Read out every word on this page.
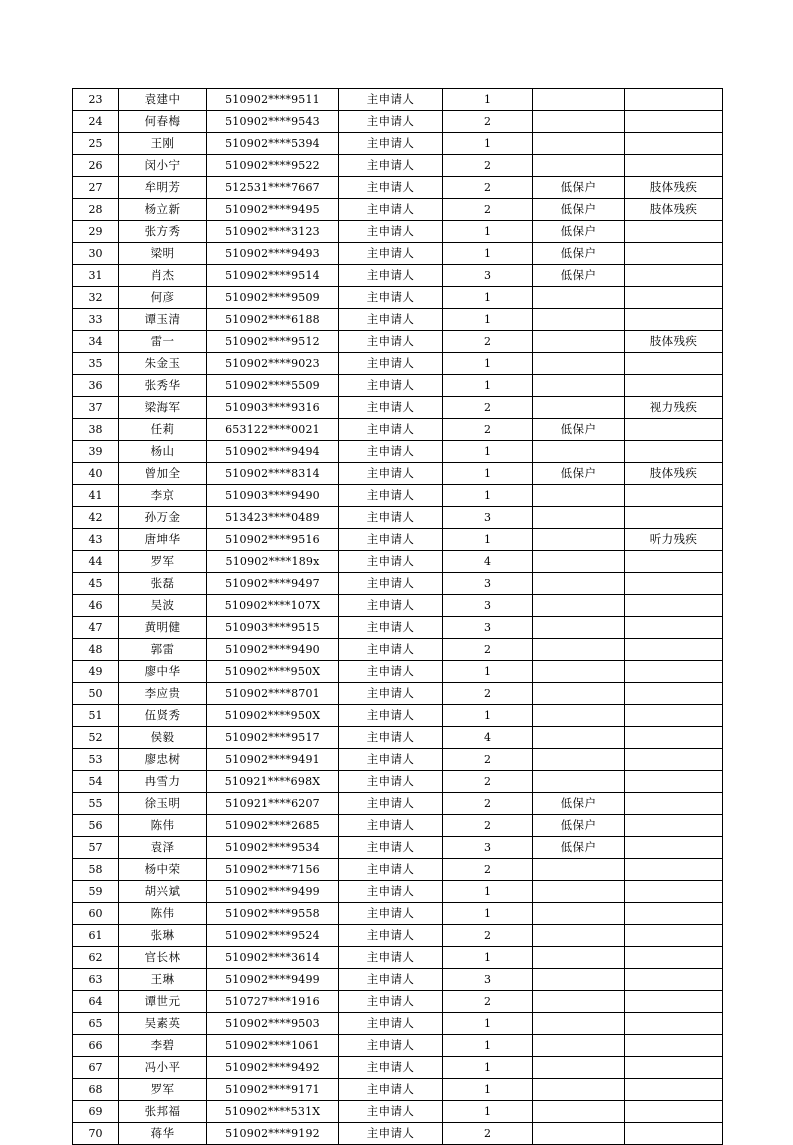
23	袁建中	510902****9511	主申请人	1		
24	何春梅	510902****9543	主申请人	2		
25	王刚	510902****5394	主申请人	1		
26	闵小宁	510902****9522	主申请人	2		
27	牟明芳	512531****7667	主申请人	2	低保户	肢体残疾
28	杨立新	510902****9495	主申请人	2	低保户	肢体残疾
29	张方秀	510902****3123	主申请人	1	低保户	
30	梁明	510902****9493	主申请人	1	低保户	
31	肖杰	510902****9514	主申请人	3	低保户	
32	何彦	510902****9509	主申请人	1		
33	谭玉清	510902****6188	主申请人	1		
34	雷一	510902****9512	主申请人	2		肢体残疾
35	朱金玉	510902****9023	主申请人	1		
36	张秀华	510902****5509	主申请人	1		
37	梁海军	510903****9316	主申请人	2		视力残疾
38	任莉	653122****0021	主申请人	2	低保户	
39	杨山	510902****9494	主申请人	1		
40	曾加全	510902****8314	主申请人	1	低保户	肢体残疾
41	李京	510903****9490	主申请人	1		
42	孙万金	513423****0489	主申请人	3		
43	唐坤华	510902****9516	主申请人	1		听力残疾
44	罗军	510902****189x	主申请人	4		
45	张磊	510902****9497	主申请人	3		
46	吴波	510902****107X	主申请人	3		
47	黄明健	510903****9515	主申请人	3		
48	郭雷	510902****9490	主申请人	2		
49	廖中华	510902****950X	主申请人	1		
50	李应贵	510902****8701	主申请人	2		
51	伍贤秀	510902****950X	主申请人	1		
52	侯毅	510902****9517	主申请人	4		
53	廖忠树	510902****9491	主申请人	2		
54	冉雪力	510921****698X	主申请人	2		
55	徐玉明	510921****6207	主申请人	2	低保户	
56	陈伟	510902****2685	主申请人	2	低保户	
57	袁泽	510902****9534	主申请人	3	低保户	
58	杨中荣	510902****7156	主申请人	2		
59	胡兴斌	510902****9499	主申请人	1		
60	陈伟	510902****9558	主申请人	1		
61	张琳	510902****9524	主申请人	2		
62	官长林	510902****3614	主申请人	1		
63	王琳	510902****9499	主申请人	3		
64	谭世元	510727****1916	主申请人	2		
65	吴素英	510902****9503	主申请人	1		
66	李碧	510902****1061	主申请人	1		
67	冯小平	510902****9492	主申请人	1		
68	罗军	510902****9171	主申请人	1		
69	张邦福	510902****531X	主申请人	1		
70	蒋华	510902****9192	主申请人	2		
